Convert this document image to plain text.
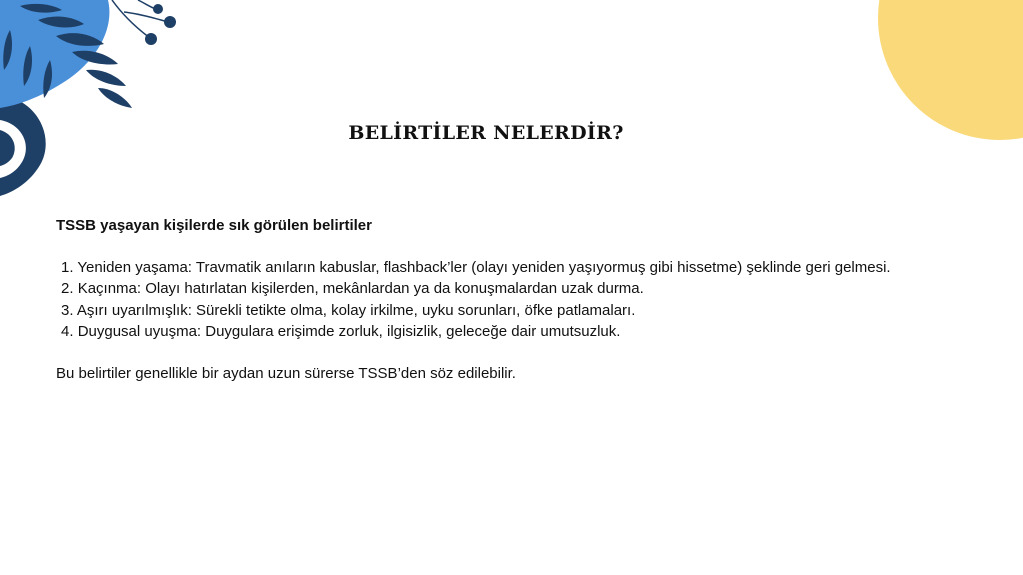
BELİRTİLER NELERDİR?

TSSB yaşayan kişilerde sık görülen belirtiler

1. Yeniden yaşama: Travmatik anıların kabuslar, flashback’ler (olayı yeniden yaşıyormuş gibi hissetme) şeklinde geri gelmesi.
2. Kaçınma: Olayı hatırlatan kişilerden, mekânlardan ya da konuşmalardan uzak durma.
3. Aşırı uyarılmışlık: Sürekli tetikte olma, kolay irkilme, uyku sorunları, öfke patlamaları.
4. Duygusal uyuşma: Duygulara erişimde zorluk, ilgisizlik, geleceğe dair umutsuzluk.

Bu belirtiler genellikle bir aydan uzun sürerse TSSB’den söz edilebilir.
